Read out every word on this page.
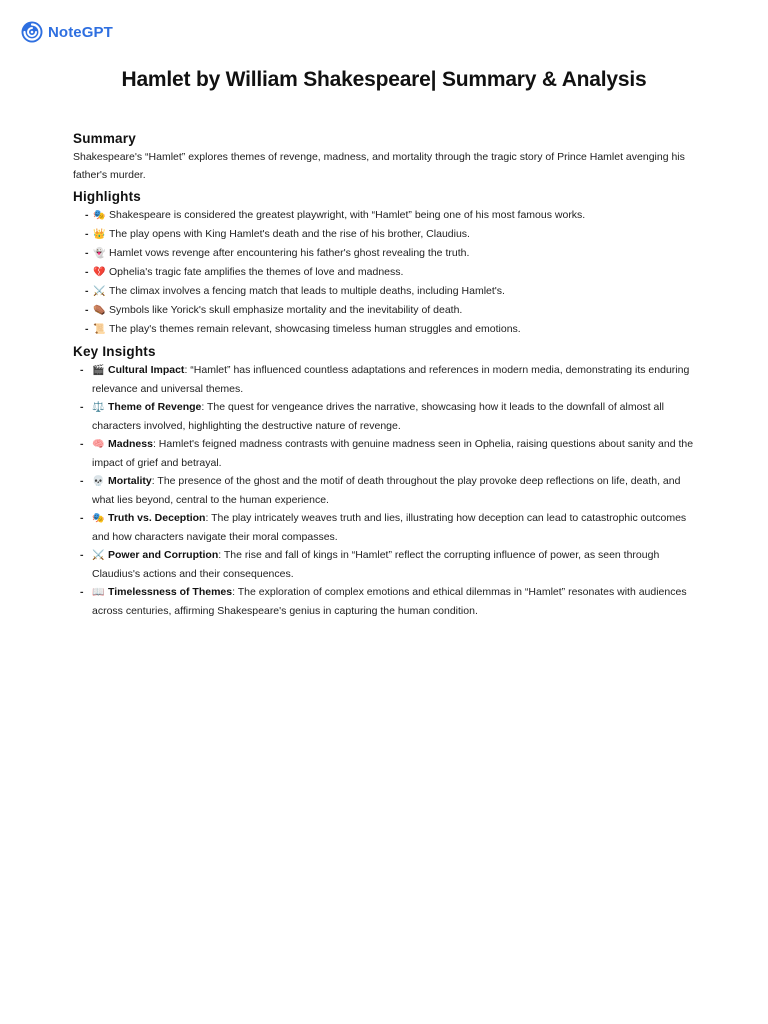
NoteGPT
Hamlet by William Shakespeare| Summary & Analysis
Summary

Shakespeare's “Hamlet” explores themes of revenge, madness, and mortality through the tragic story of Prince Hamlet avenging his father's murder.

Highlights
- 🎭 Shakespeare is considered the greatest playwright, with “Hamlet” being one of his most famous works.
- 👑 The play opens with King Hamlet's death and the rise of his brother, Claudius.
- 👻 Hamlet vows revenge after encountering his father's ghost revealing the truth.
- 💔 Ophelia's tragic fate amplifies the themes of love and madness.
- ⚔️ The climax involves a fencing match that leads to multiple deaths, including Hamlet's.
- ⚰️ Symbols like Yorick's skull emphasize mortality and the inevitability of death.
- 📜 The play's themes remain relevant, showcasing timeless human struggles and emotions.
Key Insights
- 🎬 Cultural Impact: “Hamlet” has influenced countless adaptations and references in modern media, demonstrating its enduring relevance and universal themes.
- ⚖️ Theme of Revenge: The quest for vengeance drives the narrative, showcasing how it leads to the downfall of almost all characters involved, highlighting the destructive nature of revenge.
- 🧠 Madness: Hamlet's feigned madness contrasts with genuine madness seen in Ophelia, raising questions about sanity and the impact of grief and betrayal.
- 💀 Mortality: The presence of the ghost and the motif of death throughout the play provoke deep reflections on life, death, and what lies beyond, central to the human experience.
- 🎭 Truth vs. Deception: The play intricately weaves truth and lies, illustrating how deception can lead to catastrophic outcomes and how characters navigate their moral compasses.
- ⚔️ Power and Corruption: The rise and fall of kings in “Hamlet” reflect the corrupting influence of power, as seen through Claudius's actions and their consequences.
- 📖 Timelessness of Themes: The exploration of complex emotions and ethical dilemmas in “Hamlet” resonates with audiences across centuries, affirming Shakespeare's genius in capturing the human condition.
